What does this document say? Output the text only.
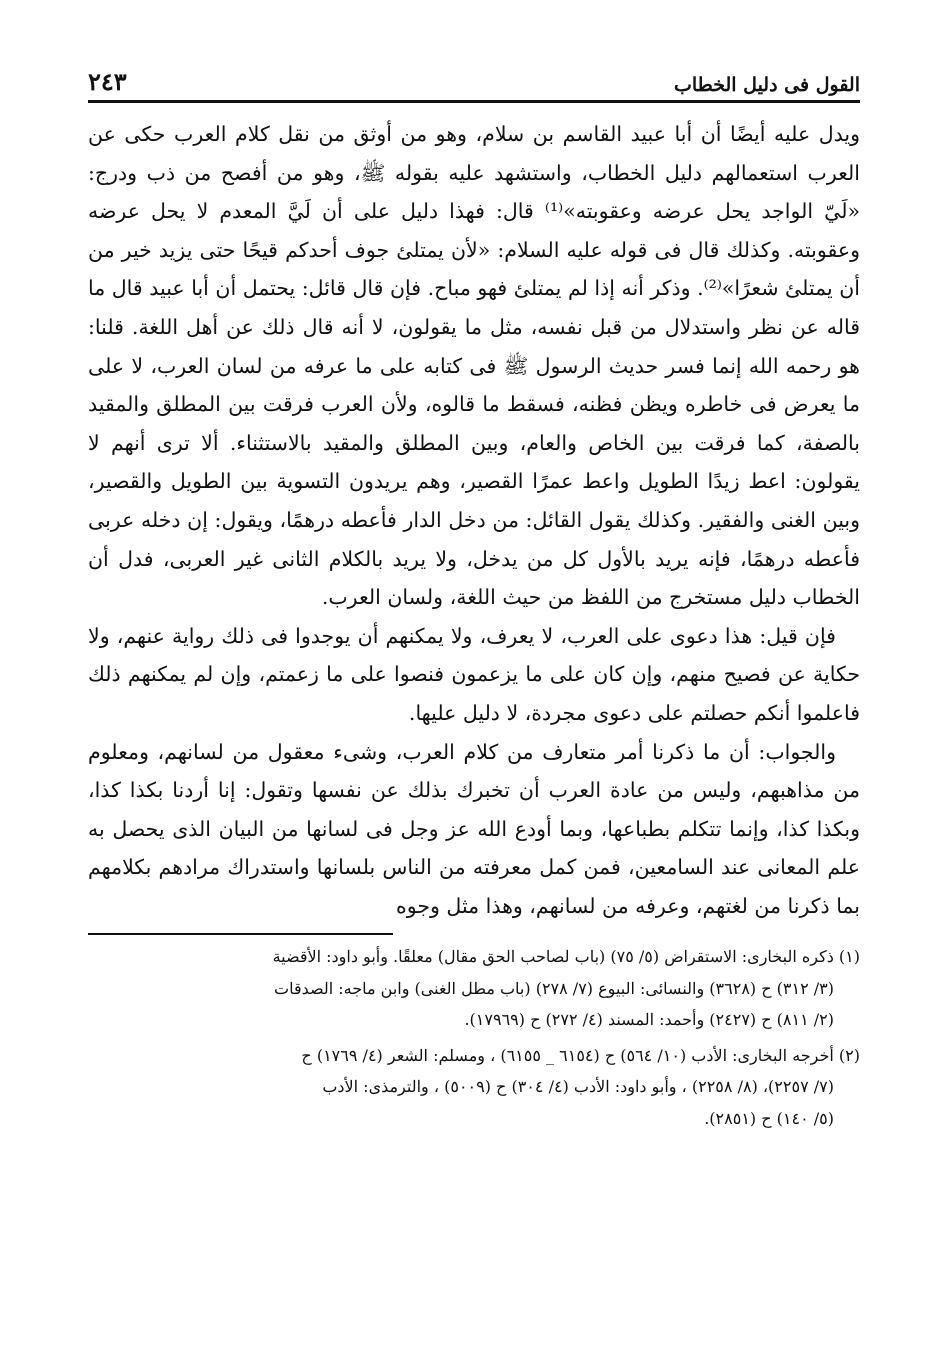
القول فى دليل الخطاب
٢٤٣

ويدل عليه أيضًا أن أبا عبيد القاسم بن سلام، وهو من أوثق من نقل كلام العرب حكى عن العرب استعمالهم دليل الخطاب، واستشهد عليه بقوله ﷺ، وهو من أفصح من ذب ودرج: «لَيّ الواجد يحل عرضه وعقوبته»⁽¹⁾ قال: فهذا دليل على أن لَيَّ المعدم لا يحل عرضه وعقوبته. وكذلك قال فى قوله عليه السلام: «لأن يمتلئ جوف أحدكم قيحًا حتى يزيد خير من أن يمتلئ شعرًا»⁽²⁾. وذكر أنه إذا لم يمتلئ فهو مباح. فإن قال قائل: يحتمل أن أبا عبيد قال ما قاله عن نظر واستدلال من قبل نفسه، مثل ما يقولون، لا أنه قال ذلك عن أهل اللغة. قلنا: هو رحمه الله إنما فسر حديث الرسول ﷺ فى كتابه على ما عرفه من لسان العرب، لا على ما يعرض فى خاطره ويظن فظنه، فسقط ما قالوه، ولأن العرب فرقت بين المطلق والمقيد بالصفة، كما فرقت بين الخاص والعام، وبين المطلق والمقيد بالاستثناء. ألا ترى أنهم لا يقولون: اعط زيدًا الطويل واعط عمرًا القصير، وهم يريدون التسوية بين الطويل والقصير، وبين الغنى والفقير. وكذلك يقول القائل: من دخل الدار فأعطه درهمًا، ويقول: إن دخله عربى فأعطه درهمًا، فإنه يريد بالأول كل من يدخل، ولا يريد بالكلام الثانى غير العربى، فدل أن الخطاب دليل مستخرج من اللفظ من حيث اللغة، ولسان العرب.

فإن قيل: هذا دعوى على العرب، لا يعرف، ولا يمكنهم أن يوجدوا فى ذلك رواية عنهم، ولا حكاية عن فصيح منهم، وإن كان على ما يزعمون فنصوا على ما زعمتم، وإن لم يمكنهم ذلك فاعلموا أنكم حصلتم على دعوى مجردة، لا دليل عليها.

والجواب: أن ما ذكرنا أمر متعارف من كلام العرب، وشىء معقول من لسانهم، ومعلوم من مذاهبهم، وليس من عادة العرب أن تخبرك بذلك عن نفسها وتقول: إنا أردنا بكذا كذا، وبكذا كذا، وإنما تتكلم بطباعها، وبما أودع الله عز وجل فى لسانها من البيان الذى يحصل به علم المعانى عند السامعين، فمن كمل معرفته من الناس بلسانها واستدراك مرادهم بكلامهم بما ذكرنا من لغتهم، وعرفه من لسانهم، وهذا مثل وجوه

(١) ذكره البخارى: الاستقراض (٥/ ٧٥) (باب لصاحب الحق مقال) معلقًا. وأبو داود: الأقضية
(٣/ ٣١٢) ح (٣٦٢٨) والنسائى: البيوع (٧/ ٢٧٨) (باب مطل الغنى) وابن ماجه: الصدقات
(٢/ ٨١١) ح (٢٤٢٧) وأحمد: المسند (٤/ ٢٧٢) ح (١٧٩٦٩).
(٢) أخرجه البخارى: الأدب (١٠/ ٥٦٤) ح (٦١٥٤ _ ٦١٥٥) ، ومسلم: الشعر (٤/ ١٧٦٩) ح
(٧/ ٢٢٥٧)، (٨/ ٢٢٥٨) ، وأبو داود: الأدب (٤/ ٣٠٤) ح (٥٠٠٩) ، والترمذى: الأدب
(٥/ ١٤٠) ح (٢٨٥١).
